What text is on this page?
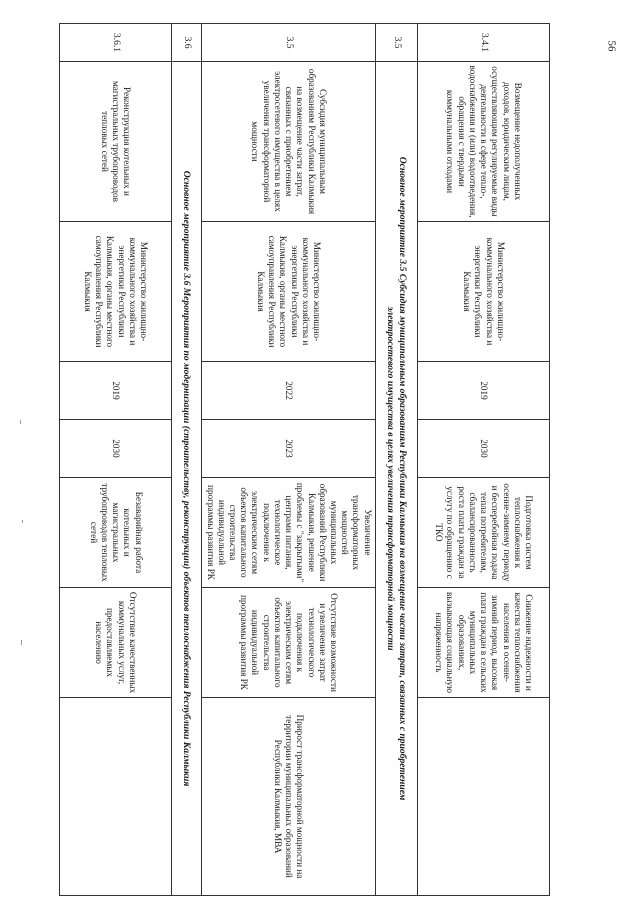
3.4.1	Возмещение недополученных доходов, юридическим лицам, осуществляющим регулируемые виды деятельности в сфере тепло-, водоснабжения и (или) водоотведения, обращения с твердыми коммунальными отходами	Министерство жилищно-коммунального хозяйства и энергетики Республики Калмыкия	2019	2030	Подготовка систем теплоснабжения к осенне-зимнему периоду и бесперебойная подача тепла потребителям, сбалансированность роста платы граждан за услугу по обращению с ТКО	Снижение надежности и качества теплоснабжения населения в осенне-зимний период, высокая плата граждан в сельских муниципальных образованиях, вызывающая социальную напряженность	
3.5	Основное мероприятие 3.5 Субсидия муниципальным образованиям Республики Калмыкия на возмещение части затрат, связанных с приобретением
электросетевого имущества в целях увеличения трансформаторной мощности						

3.5	Субсидия муниципальным образованиям Республики Калмыкия на возмещение части затрат, связанных с приобретением электросетевого имущества в целях увеличения трансформаторной мощности	Министерство жилищно-коммунального хозяйства и энергетики Республики Калмыкия, органы местного самоуправления Республики Калмыкия	2022	2023	Увеличение трансформаторных мощностей муниципальных образований Республики Калмыкия, решение проблемы с "закрытыми" центрами питания, технологическое подключение к электрическим сетям объектов капитального строительства индивидуальной программы развития РК	Отсутствие возможности и увеличение затрат технологического подключения к электрическим сетям объектов капитального строительства индивидуальной программы развития РК	Прирост трансформаторной мощности на территории муниципальных образований Республики Калмыкия, МВА
3.6	Основное мероприятие 3.6 Мероприятия по модернизации (строительству, реконструкции) объектов теплоснабжения Республики Калмыкия						
3.6.1	Реконструкция котельных и магистральных трубопроводов тепловых сетей	Министерство жилищно-коммунального хозяйства и энергетики Республики Калмыкия, органы местного самоуправления Республики Калмыкия	2019	2030	Безаварийная работа котельных и магистральных трубопроводов тепловых сетей	Отсутствие качественных коммунальных услуг, предоставляемых населению	
56
